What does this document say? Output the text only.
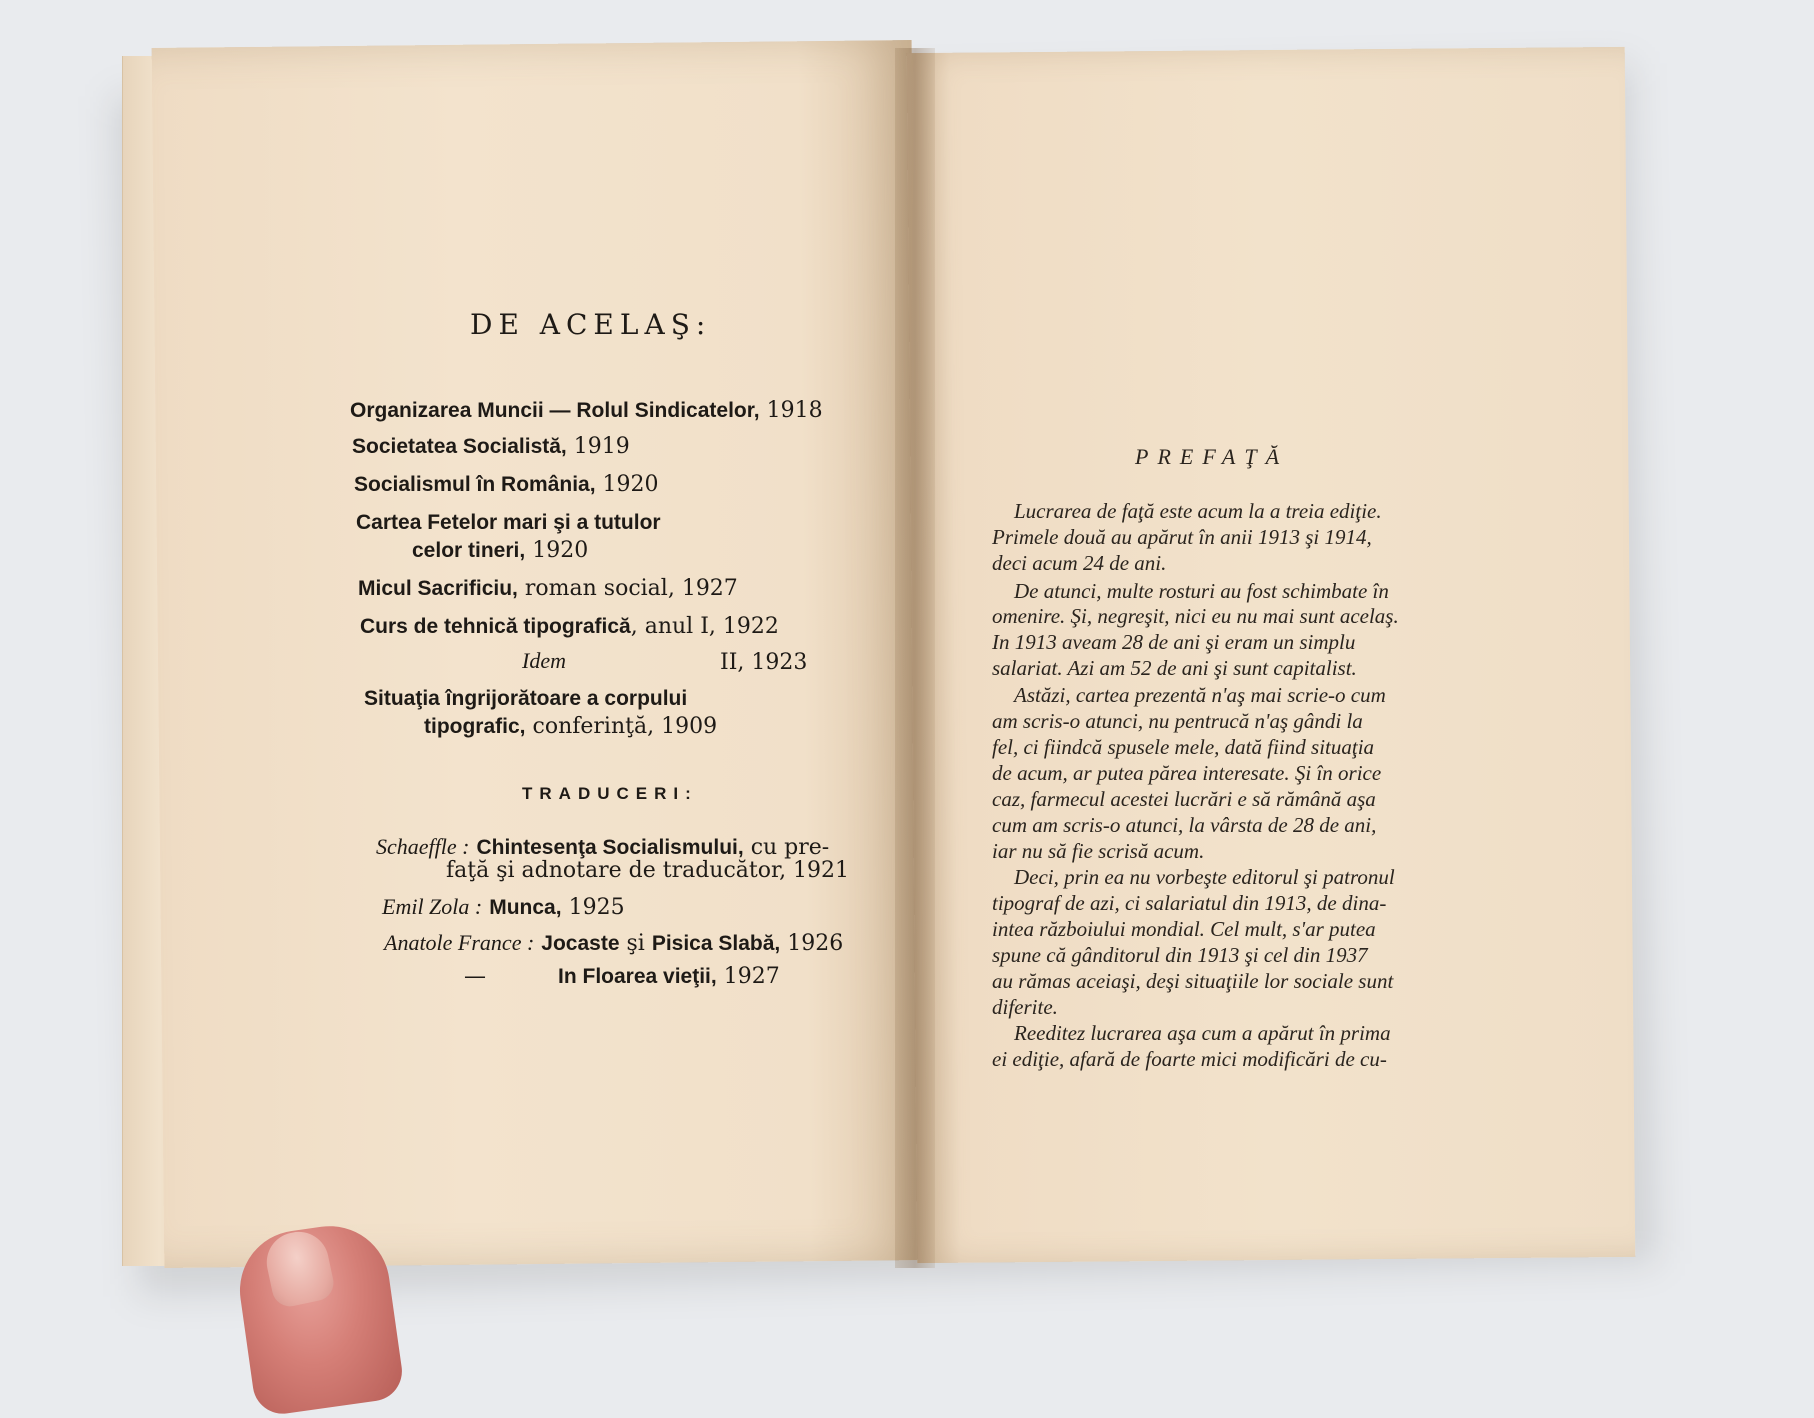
DE ACELAŞ:
Organizarea Muncii — Rolul Sindicatelor, 1918
Societatea Socialistă, 1919
Socialismul în România, 1920
Cartea Fetelor mari şi a tutulor
celor tineri, 1920
Micul Sacrificiu, roman social, 1927
Curs de tehnică tipografică, anul I, 1922
Idem	II, 1923
Situaţia îngrijorătoare a corpului
tipografic, conferinţă, 1909
TRADUCERI:
Schaeffle : Chintesenţa Socialismului, cu pre-
faţă şi adnotare de traducător, 1921
Emil Zola : Munca, 1925
Anatole France : Jocaste şi Pisica Slabă, 1926
—	In Floarea vieţii, 1927
PREFAŢĂ
Lucrarea de faţă este acum la a treia ediţie.
Primele două au apărut în anii 1913 şi 1914,
deci acum 24 de ani.
De atunci, multe rosturi au fost schimbate în
omenire. Şi, negreşit, nici eu nu mai sunt acelaş.
In 1913 aveam 28 de ani şi eram un simplu
salariat. Azi am 52 de ani şi sunt capitalist.
Astăzi, cartea prezentă n'aş mai scrie-o cum
am scris-o atunci, nu pentrucă n'aş gândi la
fel, ci fiindcă spusele mele, dată fiind situaţia
de acum, ar putea părea interesate. Şi în orice
caz, farmecul acestei lucrări e să rămână aşa
cum am scris-o atunci, la vârsta de 28 de ani,
iar nu să fie scrisă acum.
Deci, prin ea nu vorbeşte editorul şi patronul
tipograf de azi, ci salariatul din 1913, de dina-
intea războiului mondial. Cel mult, s'ar putea
spune că gânditorul din 1913 şi cel din 1937
au rămas aceiaşi, deşi situaţiile lor sociale sunt
diferite.
Reeditez lucrarea aşa cum a apărut în prima
ei ediţie, afară de foarte mici modificări de cu-
